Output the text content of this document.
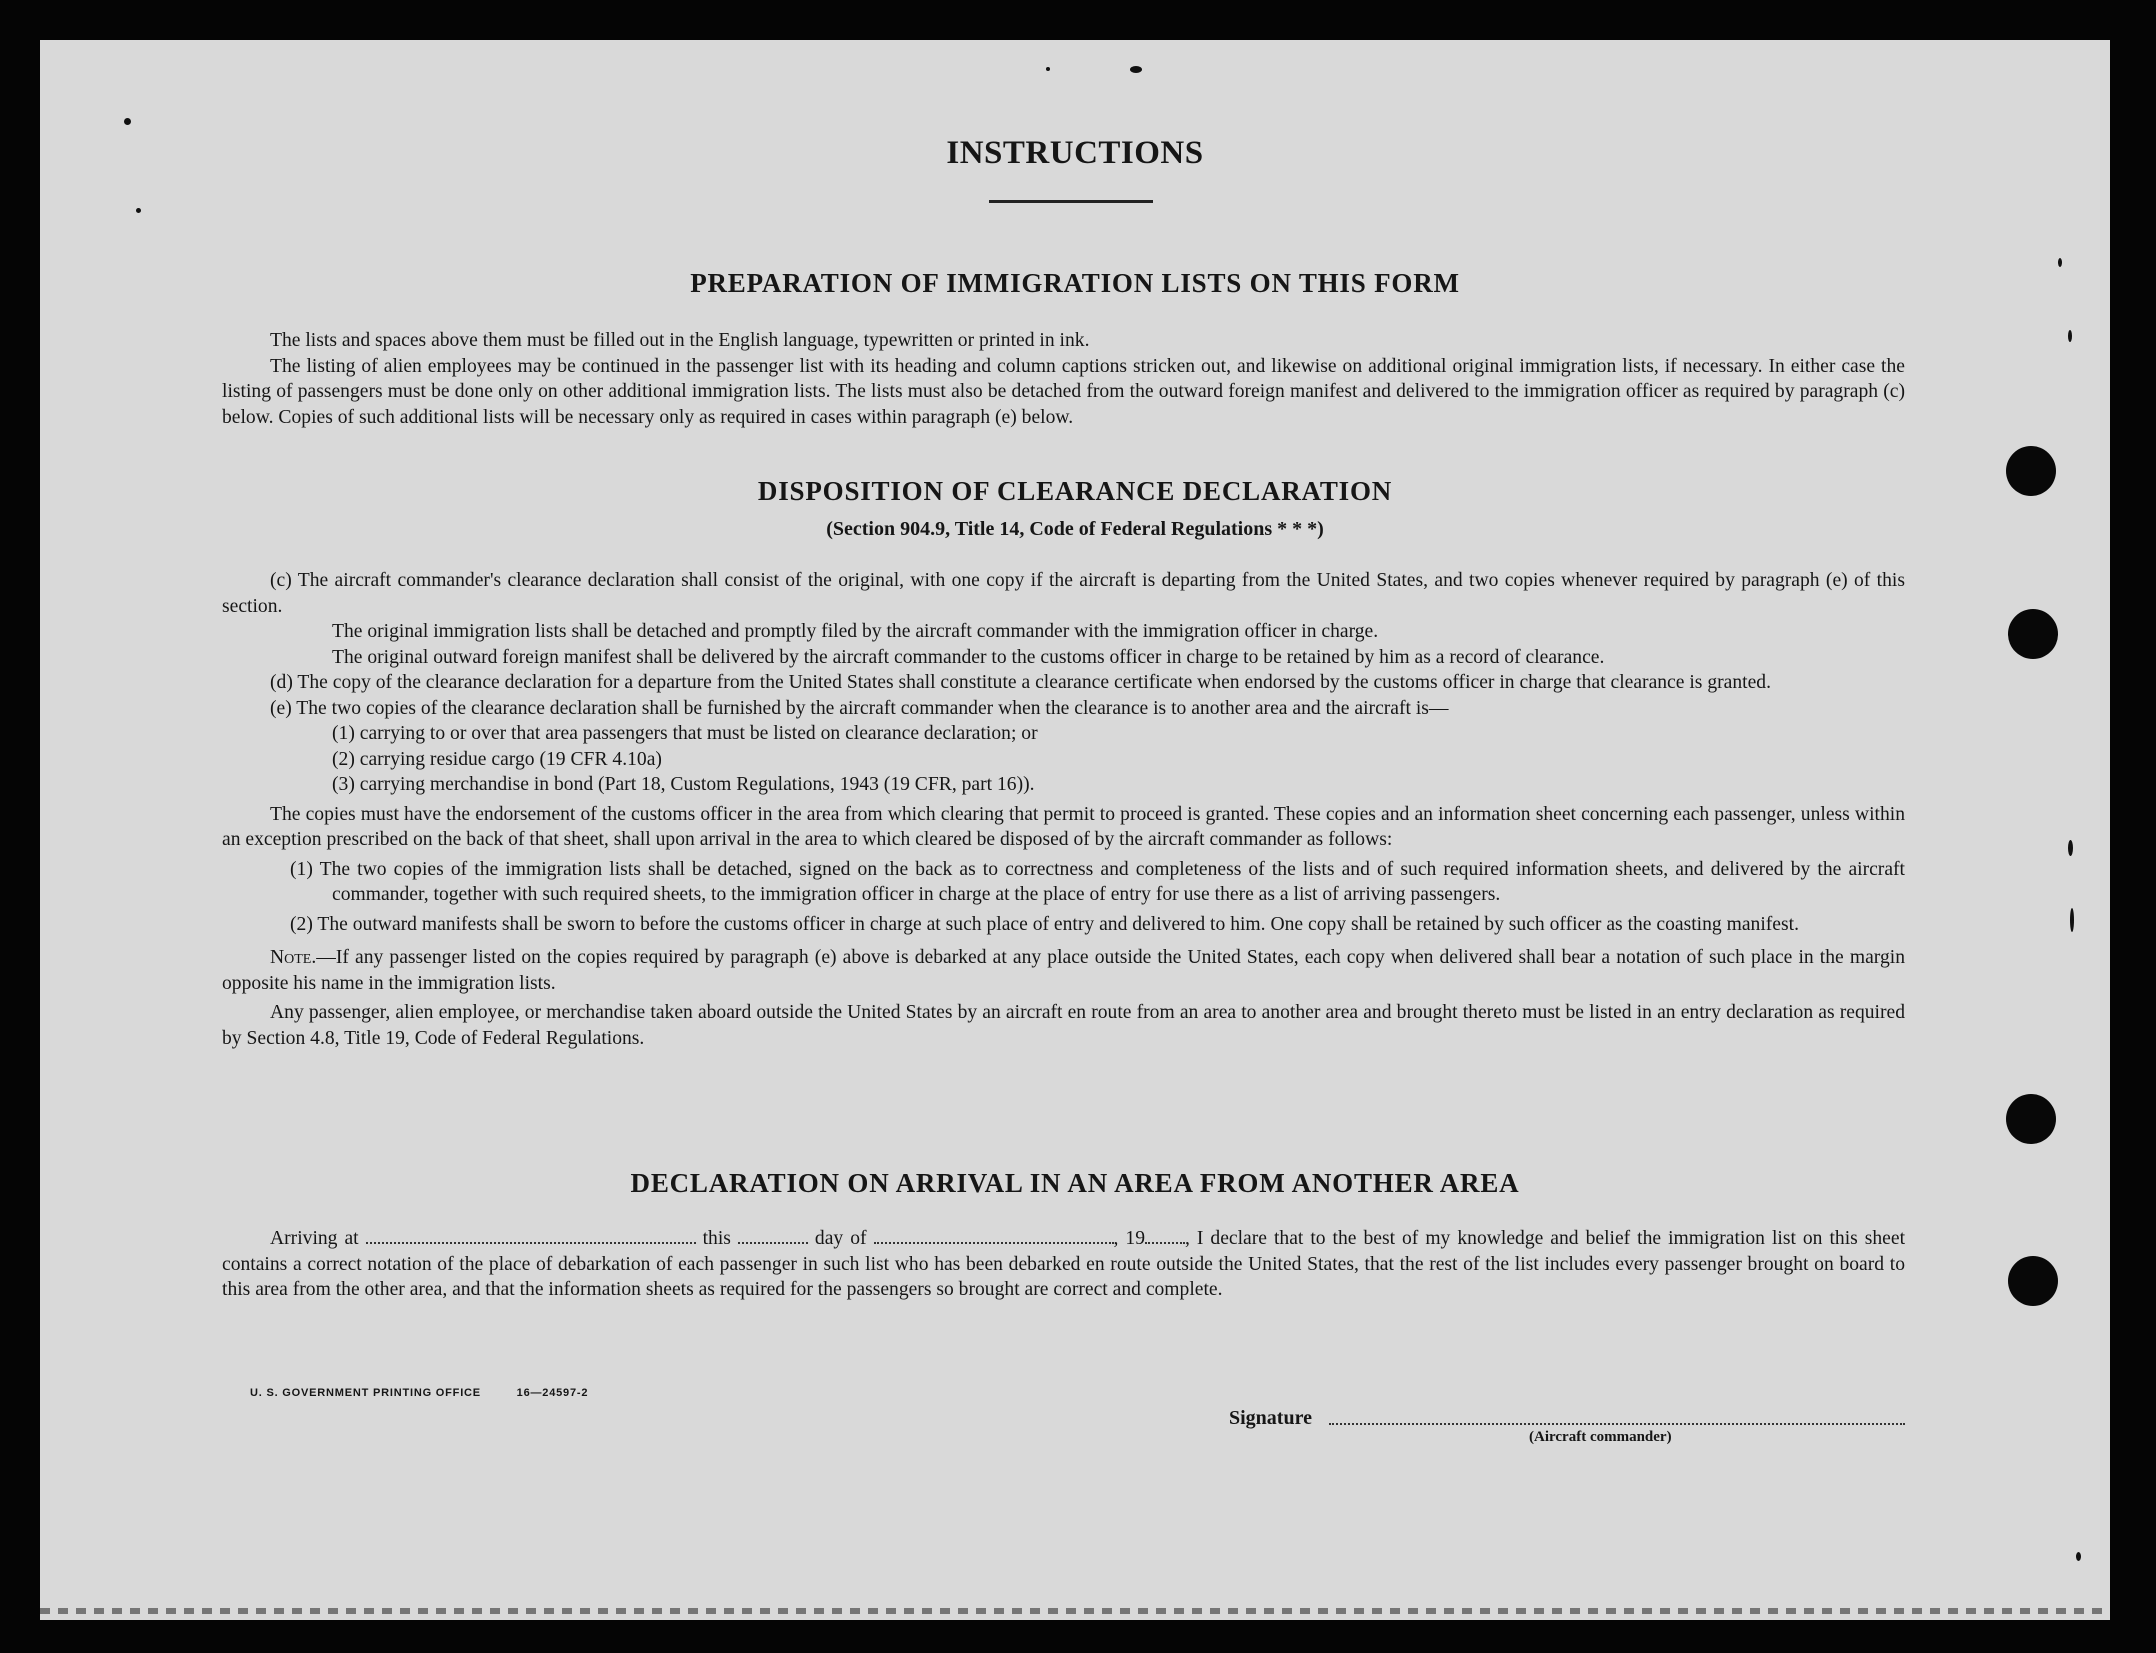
INSTRUCTIONS
PREPARATION OF IMMIGRATION LISTS ON THIS FORM

The lists and spaces above them must be filled out in the English language, typewritten or printed in ink.

The listing of alien employees may be continued in the passenger list with its heading and column captions stricken out, and likewise on additional original immigration lists, if necessary. In either case the listing of passengers must be done only on other additional immigration lists. The lists must also be detached from the outward foreign manifest and delivered to the immigration officer as required by paragraph (c) below. Copies of such additional lists will be necessary only as required in cases within paragraph (e) below.

DISPOSITION OF CLEARANCE DECLARATION
(Section 904.9, Title 14, Code of Federal Regulations * * *)

(c) The aircraft commander's clearance declaration shall consist of the original, with one copy if the aircraft is departing from the United States, and two copies whenever required by paragraph (e) of this section.

The original immigration lists shall be detached and promptly filed by the aircraft commander with the immigration officer in charge.

The original outward foreign manifest shall be delivered by the aircraft commander to the customs officer in charge to be retained by him as a record of clearance.

(d) The copy of the clearance declaration for a departure from the United States shall constitute a clearance certificate when endorsed by the customs officer in charge that clearance is granted.

(e) The two copies of the clearance declaration shall be furnished by the aircraft commander when the clearance is to another area and the aircraft is—

(1) carrying to or over that area passengers that must be listed on clearance declaration; or

(2) carrying residue cargo (19 CFR 4.10a)

(3) carrying merchandise in bond (Part 18, Custom Regulations, 1943 (19 CFR, part 16)).

The copies must have the endorsement of the customs officer in the area from which clearing that permit to proceed is granted. These copies and an information sheet concerning each passenger, unless within an exception prescribed on the back of that sheet, shall upon arrival in the area to which cleared be disposed of by the aircraft commander as follows:

(1) The two copies of the immigration lists shall be detached, signed on the back as to correctness and completeness of the lists and of such required information sheets, and delivered by the aircraft commander, together with such required sheets, to the immigration officer in charge at the place of entry for use there as a list of arriving passengers.

(2) The outward manifests shall be sworn to before the customs officer in charge at such place of entry and delivered to him. One copy shall be retained by such officer as the coasting manifest.

Note.—If any passenger listed on the copies required by paragraph (e) above is debarked at any place outside the United States, each copy when delivered shall bear a notation of such place in the margin opposite his name in the immigration lists.

Any passenger, alien employee, or merchandise taken aboard outside the United States by an aircraft en route from an area to another area and brought thereto must be listed in an entry declaration as required by Section 4.8, Title 19, Code of Federal Regulations.

DECLARATION ON ARRIVAL IN AN AREA FROM ANOTHER AREA

Arriving at	this	day of	, 19 , I declare that to the best of my knowledge and belief the immigration list on this sheet contains a correct notation of the place of debarkation of each passenger in such list who has been debarked en route outside the United States, that the rest of the list includes every passenger brought on board to this area from the other area, and that the information sheets as required for the passengers so brought are correct and complete.

U. S. GOVERNMENT PRINTING OFFICE	16—24597-2
Signature
(Aircraft commander)
